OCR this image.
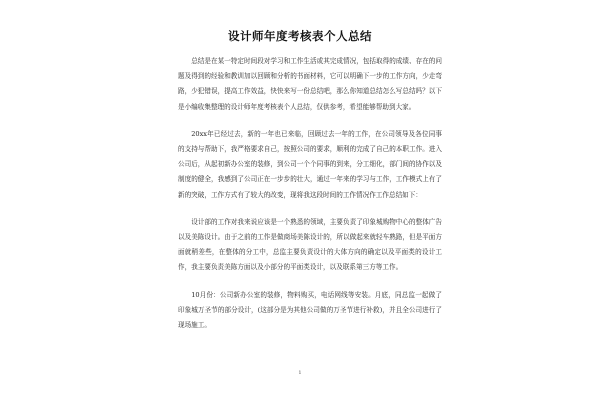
设计师年度考核表个人总结

总结是在某一特定时间段对学习和工作生活或其完成情况，包括取得的成绩、存在的问题及得到的经验和教训加以回顾和分析的书面材料，它可以明确下一步的工作方向，少走弯路，少犯错误，提高工作效益，快快来写一份总结吧，那么你知道总结怎么写总结吗？以下是小编收集整理的设计师年度考核表个人总结，仅供参考，希望能够帮助到大家。

20xx年已经过去，新的一年也已来临，回顾过去一年的工作，在公司领导及各位同事的支持与帮助下，我严格要求自己，按照公司的要求，顺利的完成了自己的本职工作。进入公司后，从起初新办公室的装修，到公司一个个同事的到来，分工细化，部门间的协作以及制度的健全，我感到了公司正在一步步的壮大，通过一年来的学习与工作，工作模式上有了新的突破，工作方式有了较大的改变，现将我这段时间的工作情况作工作总结如下：

设计部的工作对我来说应该是一个熟悉的领域，主要负责了印象城购物中心的整体广告以及美陈设计。由于之前的工作是做商场美陈设计的，所以做起来就轻车熟路，但是平面方面就稍差些，在整体的分工中，总监主要负责设计的大体方向的确定以及平面类的设计工作，我主要负责美陈方面以及小部分的平面类设计，以及联系第三方等工作。

10月份：公司新办公室的装修，物料购买，电话网线等安装。月底，同总监一起做了印象城万圣节的部分设计，(这部分是为其他公司做的万圣节进行补救)，并且全公司进行了现场施工。

1
